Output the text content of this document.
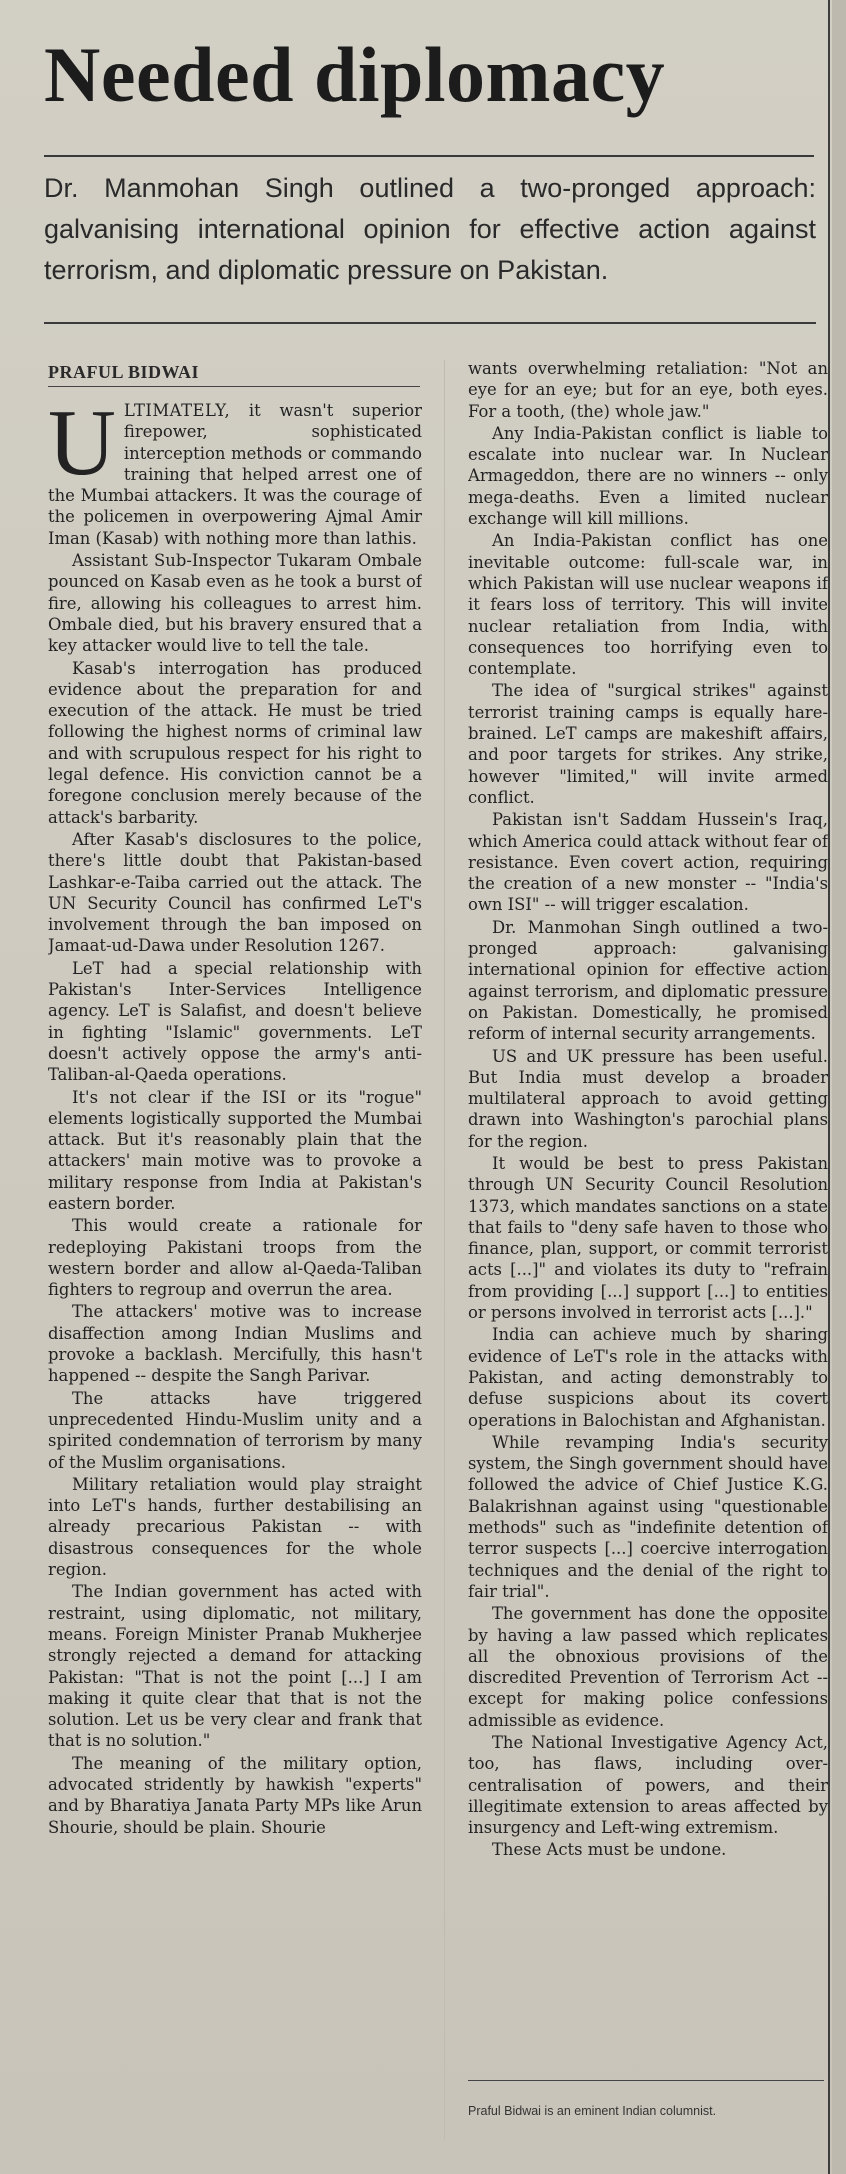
Needed diplomacy

Dr. Manmohan Singh outlined a two-pronged approach: galvanising international opinion for effective action against terrorism, and diplomatic pressure on Pakistan.

PRAFUL BIDWAI

ULTIMATELY, it wasn't superior firepower, sophisticated interception methods or commando training that helped arrest one of the Mumbai attackers. It was the courage of the policemen in overpowering Ajmal Amir Iman (Kasab) with nothing more than lathis.

Assistant Sub-Inspector Tukaram Ombale pounced on Kasab even as he took a burst of fire, allowing his colleagues to arrest him. Ombale died, but his bravery ensured that a key attacker would live to tell the tale.

Kasab's interrogation has produced evidence about the preparation for and execution of the attack. He must be tried following the highest norms of criminal law and with scrupulous respect for his right to legal defence. His conviction cannot be a foregone conclusion merely because of the attack's barbarity.

After Kasab's disclosures to the police, there's little doubt that Pakistan-based Lashkar-e-Taiba carried out the attack. The UN Security Council has confirmed LeT's involvement through the ban imposed on Jamaat-ud-Dawa under Resolution 1267.

LeT had a special relationship with Pakistan's Inter-Services Intelligence agency. LeT is Salafist, and doesn't believe in fighting "Islamic" governments. LeT doesn't actively oppose the army's anti-Taliban-al-Qaeda operations.

It's not clear if the ISI or its "rogue" elements logistically supported the Mumbai attack. But it's reasonably plain that the attackers' main motive was to provoke a military response from India at Pakistan's eastern border.

This would create a rationale for redeploying Pakistani troops from the western border and allow al-Qaeda-Taliban fighters to regroup and overrun the area.

The attackers' motive was to increase disaffection among Indian Muslims and provoke a backlash. Mercifully, this hasn't happened -- despite the Sangh Parivar.

The attacks have triggered unprecedented Hindu-Muslim unity and a spirited condemnation of terrorism by many of the Muslim organisations.

Military retaliation would play straight into LeT's hands, further destabilising an already precarious Pakistan -- with disastrous consequences for the whole region.

The Indian government has acted with restraint, using diplomatic, not military, means. Foreign Minister Pranab Mukherjee strongly rejected a demand for attacking Pakistan: "That is not the point [...] I am making it quite clear that that is not the solution. Let us be very clear and frank that that is no solution."

The meaning of the military option, advocated stridently by hawkish "experts" and by Bharatiya Janata Party MPs like Arun Shourie, should be plain. Shourie

wants overwhelming retaliation: "Not an eye for an eye; but for an eye, both eyes. For a tooth, (the) whole jaw."

Any India-Pakistan conflict is liable to escalate into nuclear war. In Nuclear Armageddon, there are no winners -- only mega-deaths. Even a limited nuclear exchange will kill millions.

An India-Pakistan conflict has one inevitable outcome: full-scale war, in which Pakistan will use nuclear weapons if it fears loss of territory. This will invite nuclear retaliation from India, with consequences too horrifying even to contemplate.

The idea of "surgical strikes" against terrorist training camps is equally hare-brained. LeT camps are makeshift affairs, and poor targets for strikes. Any strike, however "limited," will invite armed conflict.

Pakistan isn't Saddam Hussein's Iraq, which America could attack without fear of resistance. Even covert action, requiring the creation of a new monster -- "India's own ISI" -- will trigger escalation.

Dr. Manmohan Singh outlined a two-pronged approach: galvanising international opinion for effective action against terrorism, and diplomatic pressure on Pakistan. Domestically, he promised reform of internal security arrangements.

US and UK pressure has been useful. But India must develop a broader multilateral approach to avoid getting drawn into Washington's parochial plans for the region.

It would be best to press Pakistan through UN Security Council Resolution 1373, which mandates sanctions on a state that fails to "deny safe haven to those who finance, plan, support, or commit terrorist acts [...]" and violates its duty to "refrain from providing [...] support [...] to entities or persons involved in terrorist acts [...]."

India can achieve much by sharing evidence of LeT's role in the attacks with Pakistan, and acting demonstrably to defuse suspicions about its covert operations in Balochistan and Afghanistan.

While revamping India's security system, the Singh government should have followed the advice of Chief Justice K.G. Balakrishnan against using "questionable methods" such as "indefinite detention of terror suspects [...] coercive interrogation techniques and the denial of the right to fair trial".

The government has done the opposite by having a law passed which replicates all the obnoxious provisions of the discredited Prevention of Terrorism Act -- except for making police confessions admissible as evidence.

The National Investigative Agency Act, too, has flaws, including over-centralisation of powers, and their illegitimate extension to areas affected by insurgency and Left-wing extremism.

These Acts must be undone.

Praful Bidwai is an eminent Indian columnist.
